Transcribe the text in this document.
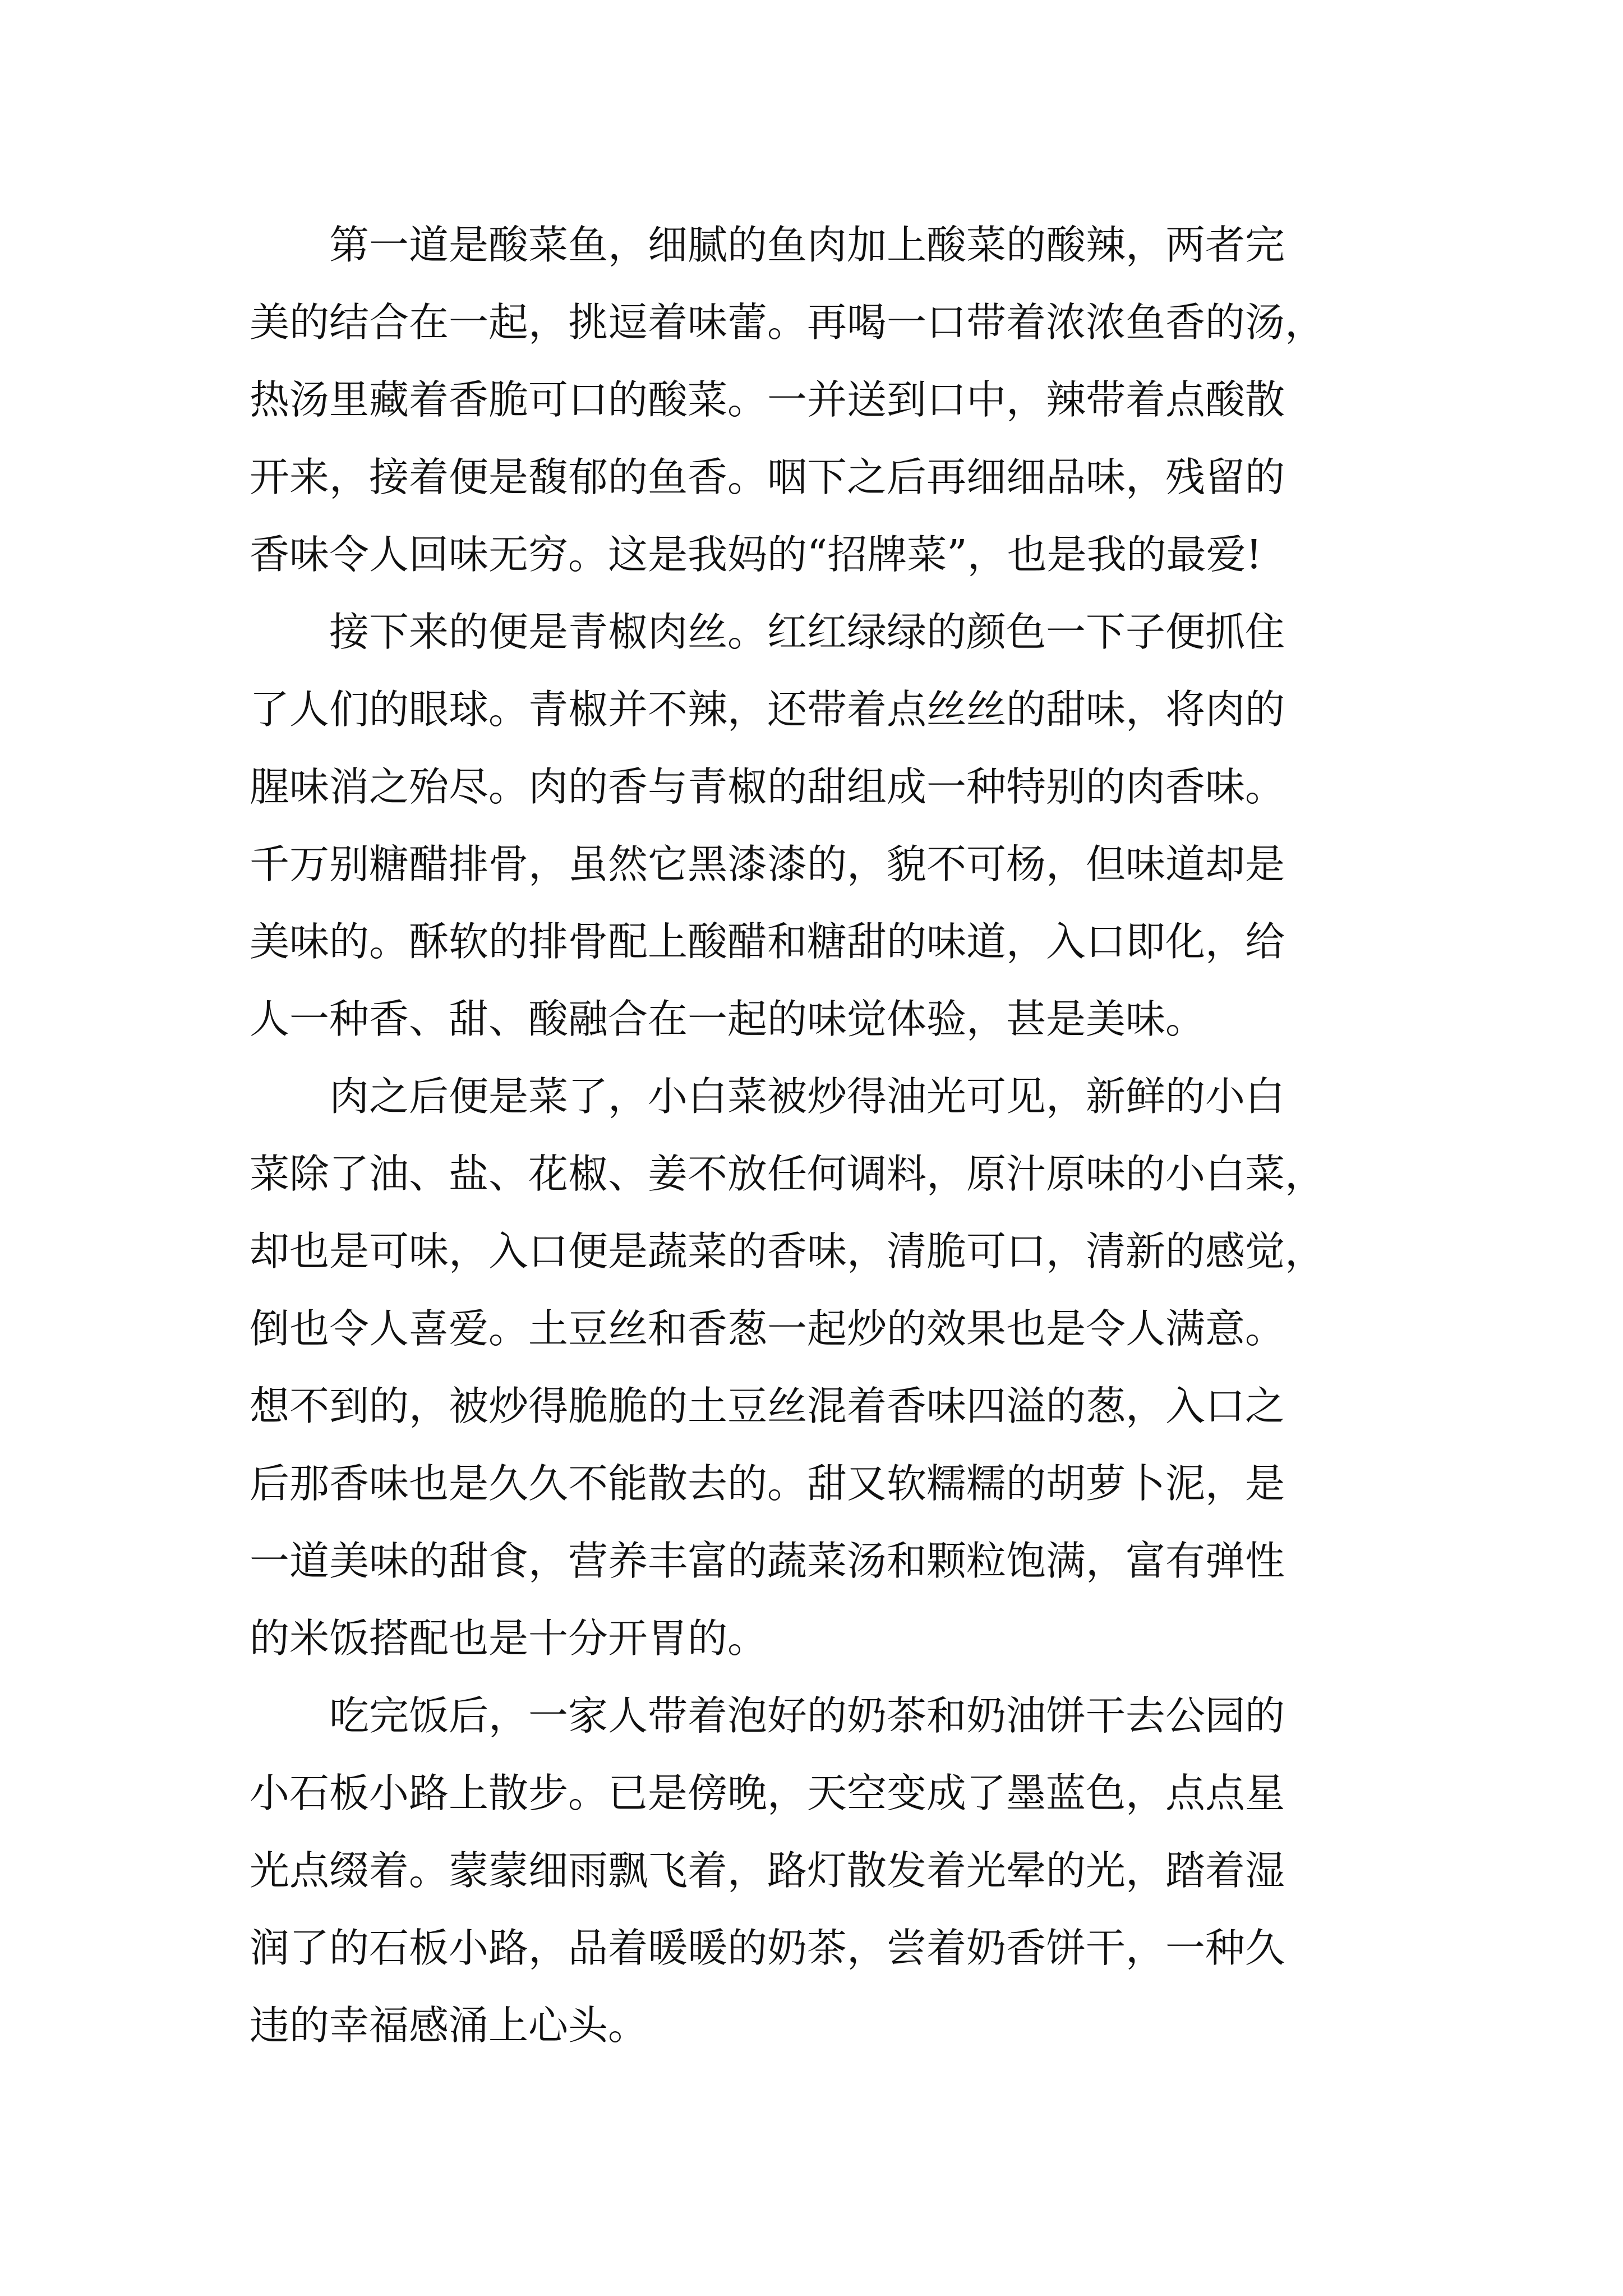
第一道是酸菜鱼，细腻的鱼肉加上酸菜的酸辣，两者完
美的结合在一起，挑逗着味蕾。再喝一口带着浓浓鱼香的汤，
热汤里藏着香脆可口的酸菜。一并送到口中，辣带着点酸散
开来，接着便是馥郁的鱼香。咽下之后再细细品味，残留的
香味令人回味无穷。这是我妈的“招牌菜”，也是我的最爱!
接下来的便是青椒肉丝。红红绿绿的颜色一下子便抓住
了人们的眼球。青椒并不辣，还带着点丝丝的甜味，将肉的
腥味消之殆尽。肉的香与青椒的甜组成一种特别的肉香味。
千万别糖醋排骨，虽然它黑漆漆的，貌不可杨，但味道却是
美味的。酥软的排骨配上酸醋和糖甜的味道，入口即化，给
人一种香、甜、酸融合在一起的味觉体验，甚是美味。
肉之后便是菜了，小白菜被炒得油光可见，新鲜的小白
菜除了油、盐、花椒、姜不放任何调料，原汁原味的小白菜，
却也是可味，入口便是蔬菜的香味，清脆可口，清新的感觉，
倒也令人喜爱。土豆丝和香葱一起炒的效果也是令人满意。
想不到的，被炒得脆脆的土豆丝混着香味四溢的葱，入口之
后那香味也是久久不能散去的。甜又软糯糯的胡萝卜泥，是
一道美味的甜食，营养丰富的蔬菜汤和颗粒饱满，富有弹性
的米饭搭配也是十分开胃的。
吃完饭后，一家人带着泡好的奶茶和奶油饼干去公园的
小石板小路上散步。已是傍晚，天空变成了墨蓝色，点点星
光点缀着。蒙蒙细雨飘飞着，路灯散发着光晕的光，踏着湿
润了的石板小路，品着暖暖的奶茶，尝着奶香饼干，一种久
违的幸福感涌上心头。
